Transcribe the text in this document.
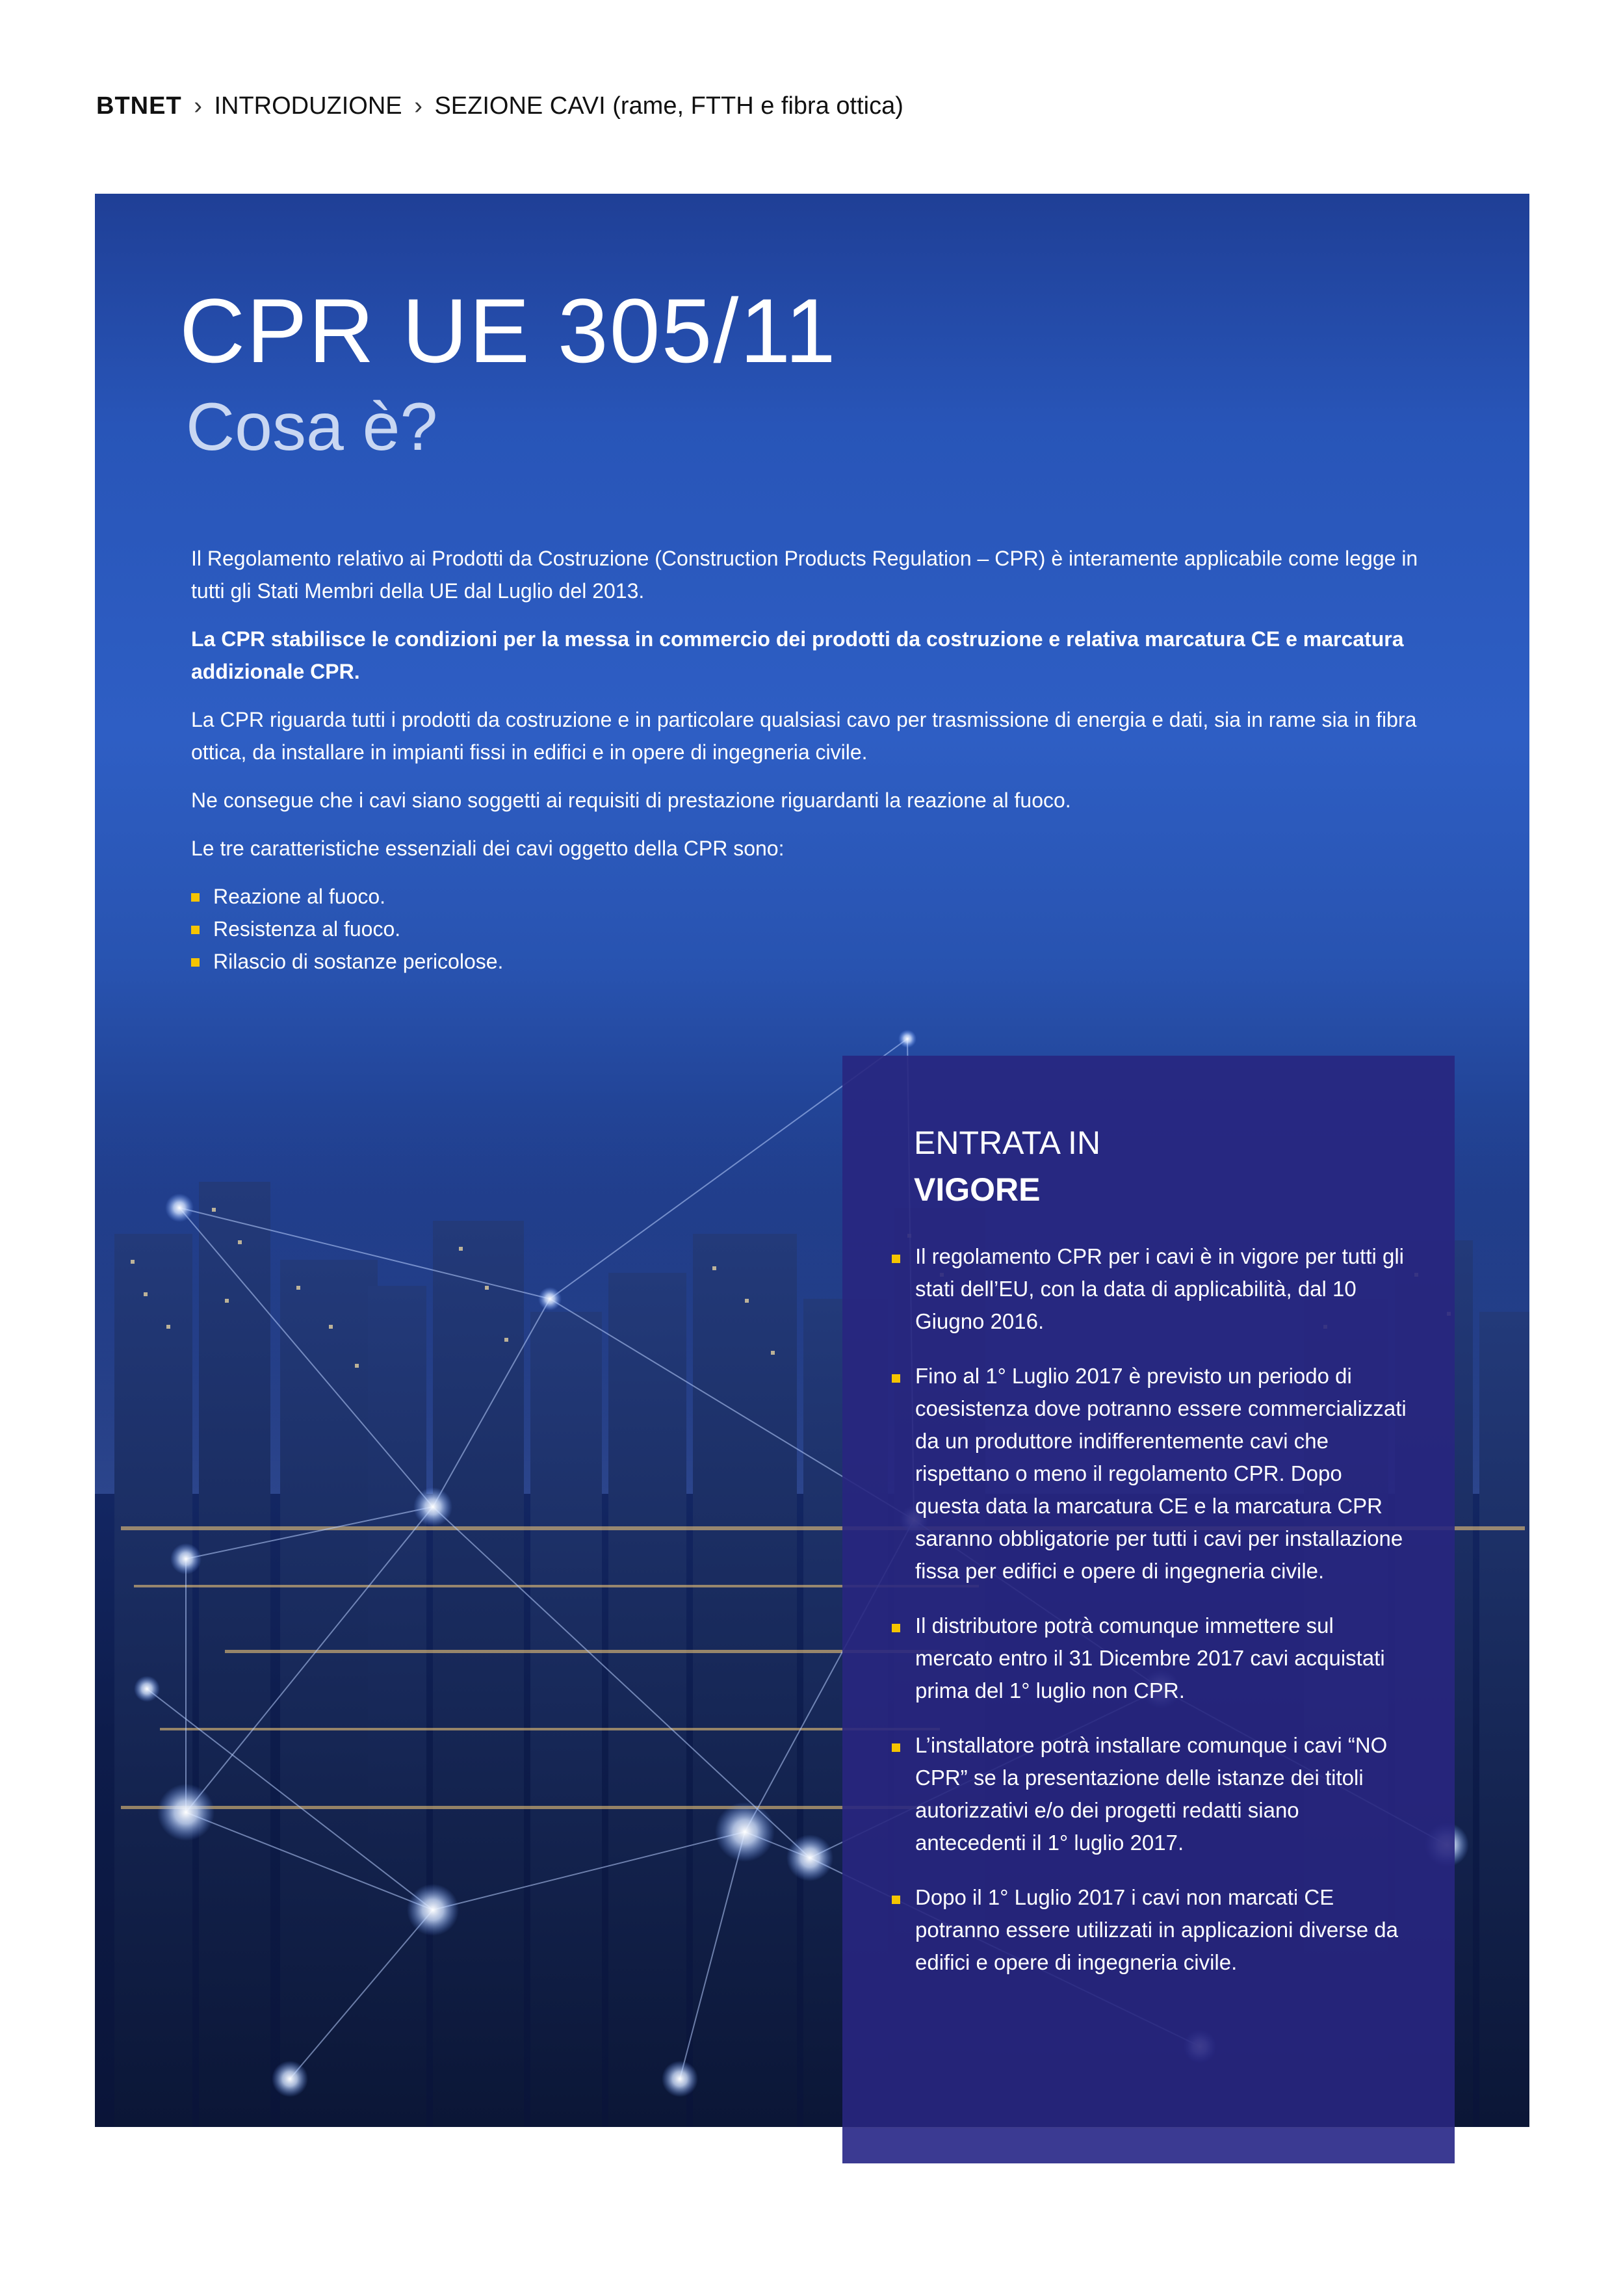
BTNET › INTRODUZIONE › SEZIONE CAVI (rame, FTTH e fibra ottica)
CPR UE 305/11
Cosa è?

Il Regolamento relativo ai Prodotti da Costruzione (Construction Products Regulation – CPR) è interamente applicabile come legge in tutti gli Stati Membri della UE dal Luglio del 2013.

La CPR stabilisce le condizioni per la messa in commercio dei prodotti da costruzione e relativa marcatura CE e marcatura addizionale CPR.

La CPR riguarda tutti i prodotti da costruzione e in particolare qualsiasi cavo per trasmissione di energia e dati, sia in rame sia in fibra ottica, da installare in impianti fissi in edifici e in opere di ingegneria civile.

Ne consegue che i cavi siano soggetti ai requisiti di prestazione riguardanti la reazione al fuoco.

Le tre caratteristiche essenziali dei cavi oggetto della CPR sono:

Reazione al fuoco.
Resistenza al fuoco.
Rilascio di sostanze pericolose.
ENTRATA IN
VIGORE
Il regolamento CPR per i cavi è in vigore per tutti gli stati dell’EU, con la data di applicabilità, dal 10 Giugno 2016.
Fino al 1° Luglio 2017 è previsto un periodo di coesistenza dove potranno essere commercializzati da un produttore indifferentemente cavi che rispettano o meno il regolamento CPR. Dopo questa data la marcatura CE e la marcatura CPR saranno obbligatorie per tutti i cavi per installazione fissa per edifici e opere di ingegneria civile.
Il distributore potrà comunque immettere sul mercato entro il 31 Dicembre 2017 cavi acquistati prima del 1° luglio non CPR.
L’installatore potrà installare comunque i cavi “NO CPR” se la presentazione delle istanze dei titoli autorizzativi e/o dei progetti redatti siano antecedenti il 1° luglio 2017.
Dopo il 1° Luglio 2017 i cavi non marcati CE potranno essere utilizzati in applicazioni diverse da edifici e opere di ingegneria civile.
